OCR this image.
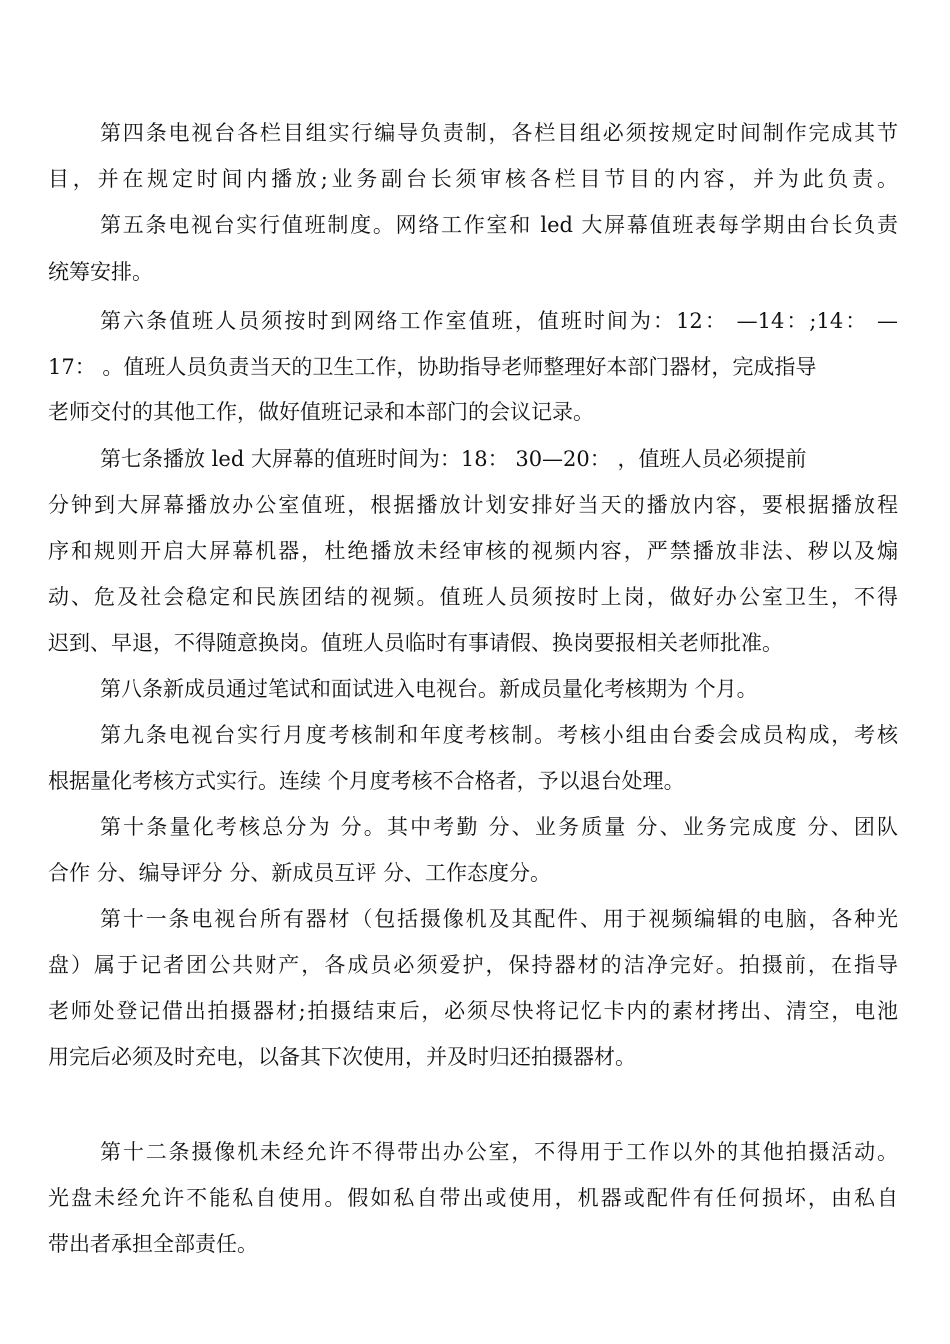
第四条电视台各栏目组实行编导负责制，各栏目组必须按规定时间制作完成其节
目，并在规定时间内播放;业务副台长须审核各栏目节目的内容，并为此负责。
第五条电视台实行值班制度。网络工作室和 led 大屏幕值班表每学期由台长负责
统筹安排。
第六条值班人员须按时到网络工作室值班，值班时间为：12： —14：;14： —
17： 。值班人员负责当天的卫生工作，协助指导老师整理好本部门器材，完成指导
老师交付的其他工作，做好值班记录和本部门的会议记录。
第七条播放 led 大屏幕的值班时间为：18： 30—20： ，值班人员必须提前
分钟到大屏幕播放办公室值班，根据播放计划安排好当天的播放内容，要根据播放程
序和规则开启大屏幕机器，杜绝播放未经审核的视频内容，严禁播放非法、秽以及煽
动、危及社会稳定和民族团结的视频。值班人员须按时上岗，做好办公室卫生，不得
迟到、早退，不得随意换岗。值班人员临时有事请假、换岗要报相关老师批准。
第八条新成员通过笔试和面试进入电视台。新成员量化考核期为 个月。
第九条电视台实行月度考核制和年度考核制。考核小组由台委会成员构成，考核
根据量化考核方式实行。连续 个月度考核不合格者，予以退台处理。
第十条量化考核总分为 分。其中考勤 分、业务质量 分、业务完成度 分、团队
合作 分、编导评分 分、新成员互评 分、工作态度分。
第十一条电视台所有器材（包括摄像机及其配件、用于视频编辑的电脑，各种光
盘）属于记者团公共财产，各成员必须爱护，保持器材的洁净完好。拍摄前，在指导
老师处登记借出拍摄器材;拍摄结束后，必须尽快将记忆卡内的素材拷出、清空，电池
用完后必须及时充电，以备其下次使用，并及时归还拍摄器材。
第十二条摄像机未经允许不得带出办公室，不得用于工作以外的其他拍摄活动。
光盘未经允许不能私自使用。假如私自带出或使用，机器或配件有任何损坏，由私自
带出者承担全部责任。
